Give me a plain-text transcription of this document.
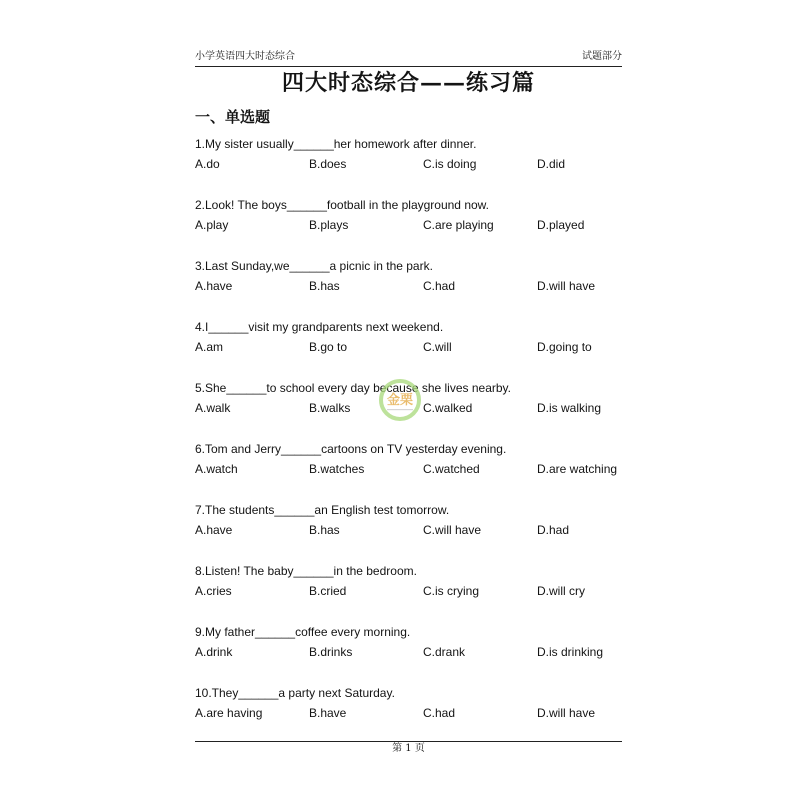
小学英语四大时态综合	试题部分
四大时态综合——练习篇
一、单选题
1.My sister usually______her homework after dinner.
A.do	B.does	C.is doing	D.did
2.Look! The boys______football in the playground now.
A.play	B.plays	C.are playing	D.played
3.Last Sunday,we______a picnic in the park.
A.have	B.has	C.had	D.will have
4.I______visit my grandparents next weekend.
A.am	B.go to	C.will	D.going to
5.She______to school every day because she lives nearby.
A.walk	B.walks	C.walked	D.is walking
6.Tom and Jerry______cartoons on TV yesterday evening.
A.watch	B.watches	C.watched	D.are watching
7.The students______an English test tomorrow.
A.have	B.has	C.will have	D.had
8.Listen! The baby______in the bedroom.
A.cries	B.cried	C.is crying	D.will cry
9.My father______coffee every morning.
A.drink	B.drinks	C.drank	D.is drinking
10.They______a party next Saturday.
A.are having	B.have	C.had	D.will have
金栗
第 1 页
